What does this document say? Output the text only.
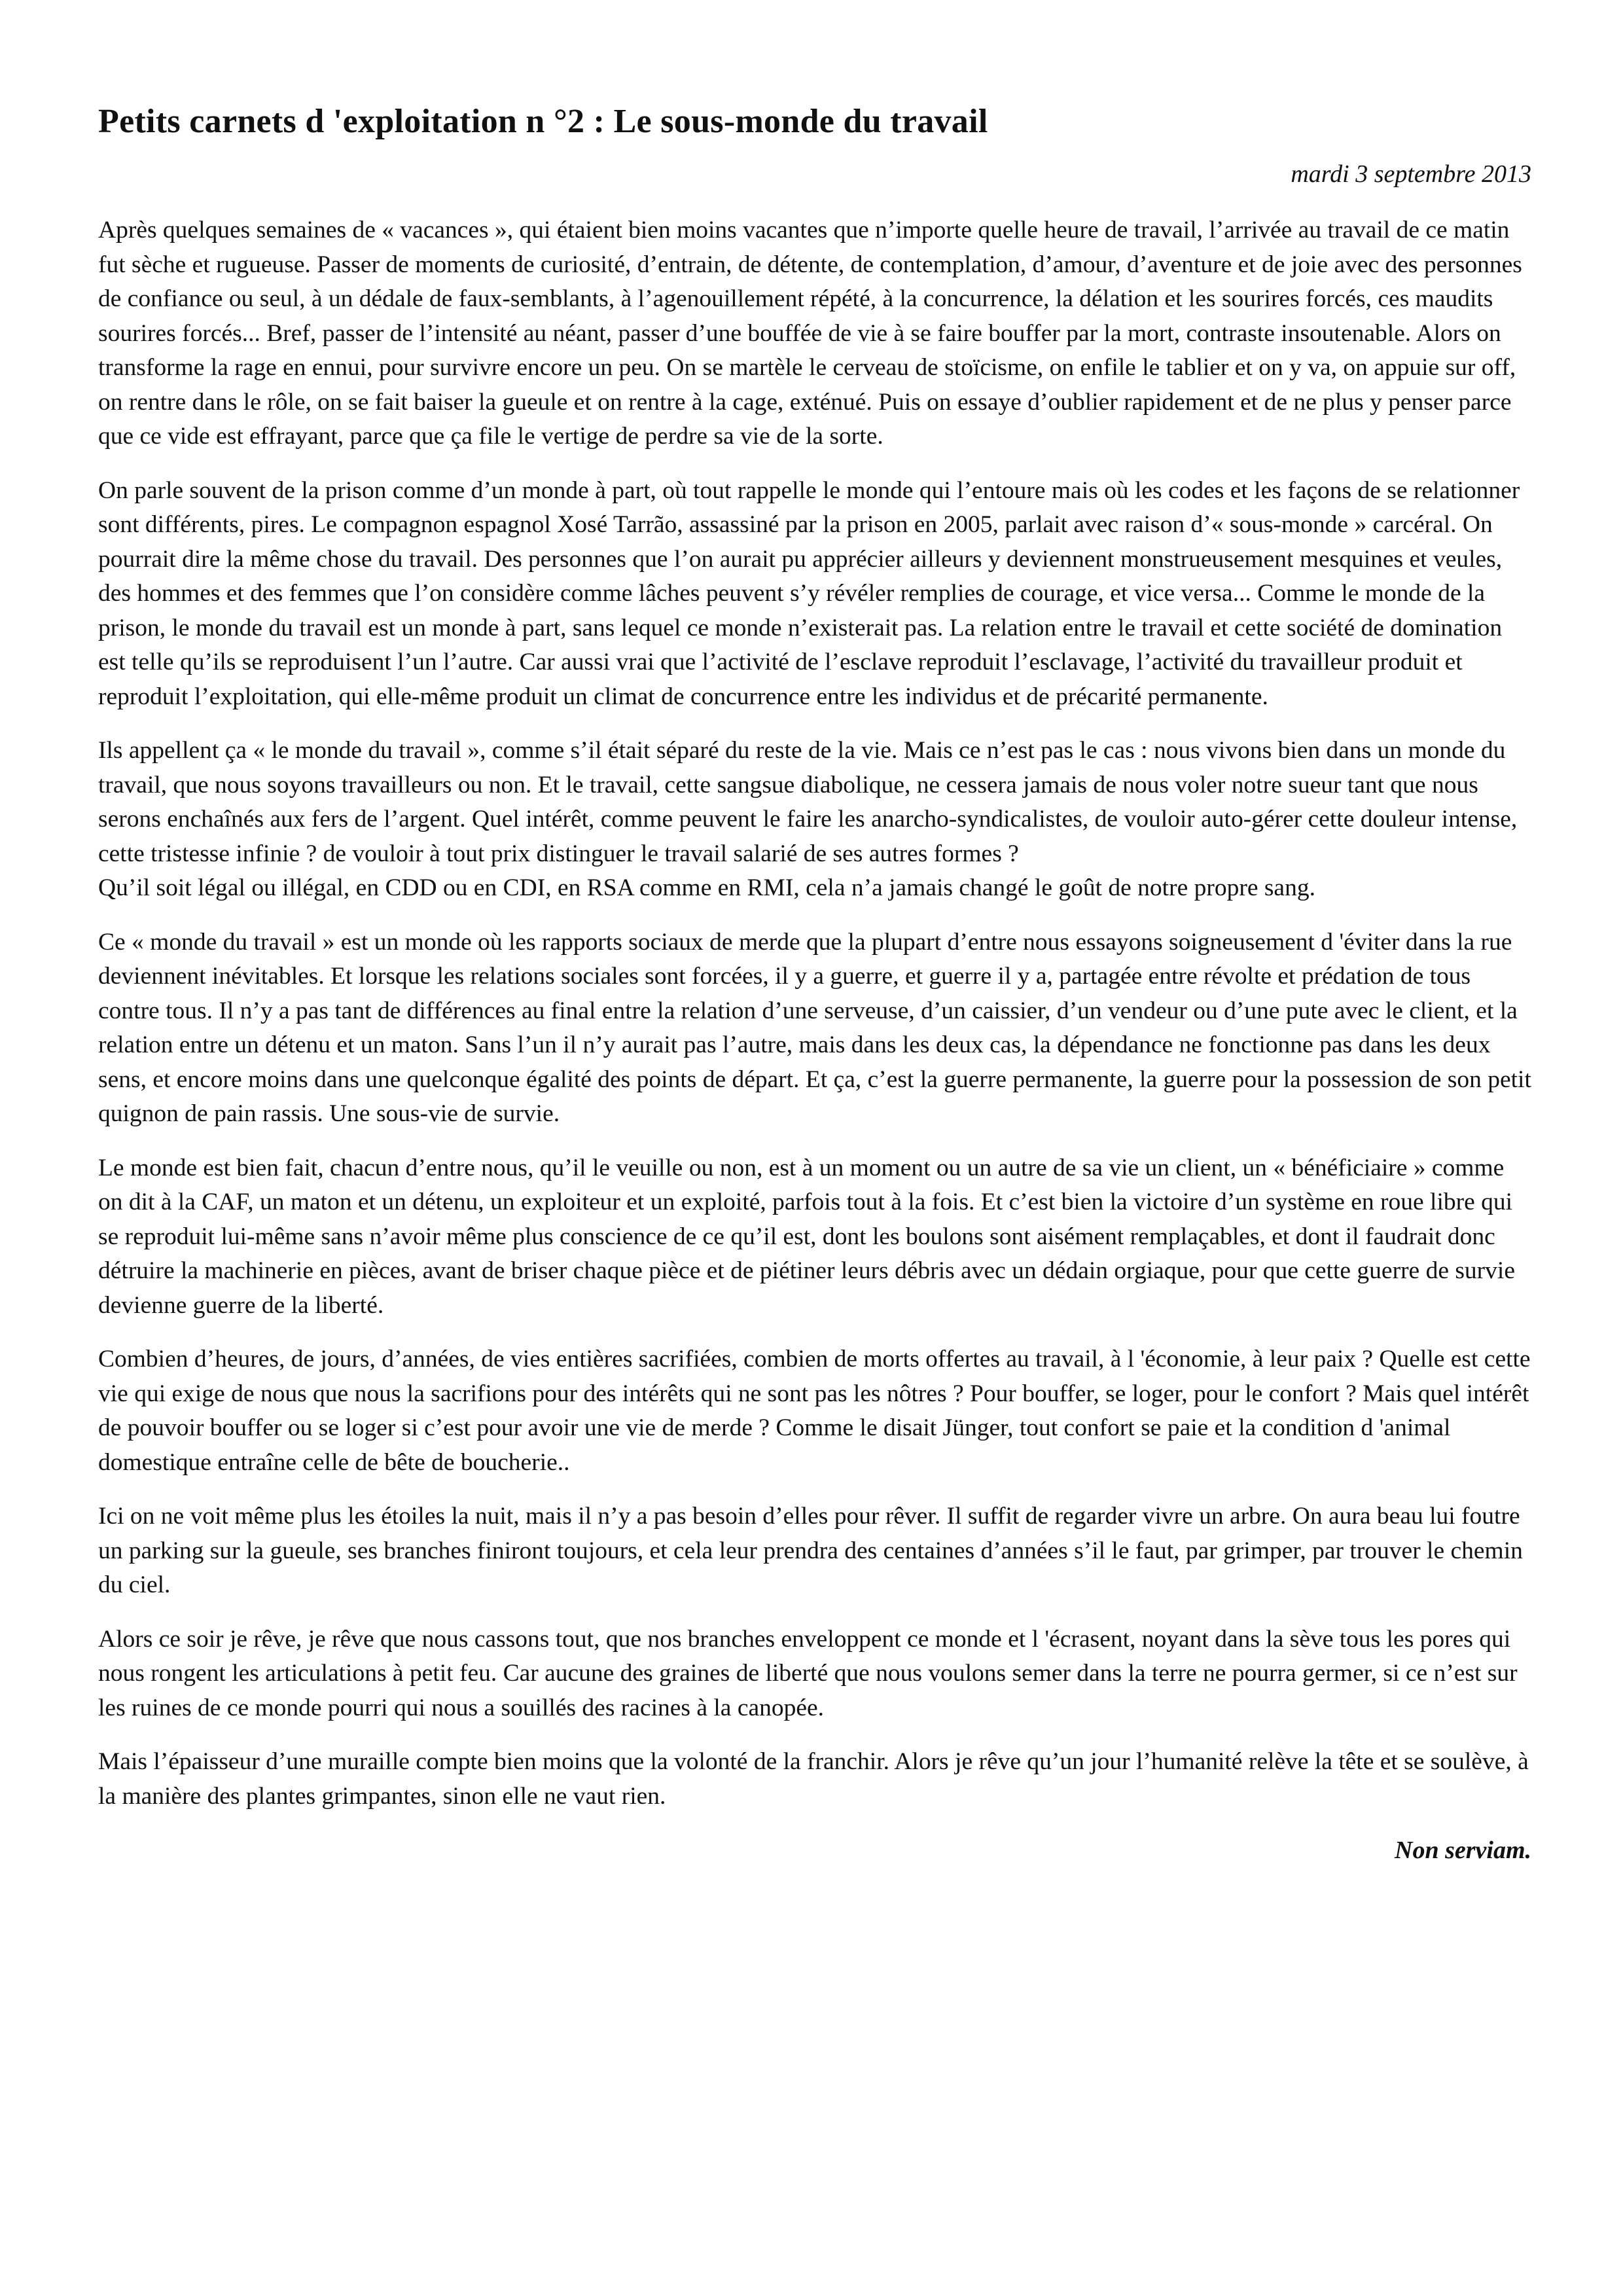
Petits carnets d 'exploitation n °2 : Le sous-monde du travail
mardi 3 septembre 2013

Après quelques semaines de « vacances », qui étaient bien moins vacantes que n’importe quelle heure de travail, l’arrivée au travail de ce matin fut sèche et rugueuse. Passer de moments de curiosité, d’entrain, de détente, de contemplation, d’amour, d’aventure et de joie avec des personnes de confiance ou seul, à un dédale de faux-semblants, à l’agenouillement répété, à la concurrence, la délation et les sourires forcés, ces maudits sourires forcés... Bref, passer de l’intensité au néant, passer d’une bouffée de vie à se faire bouffer par la mort, contraste insoutenable. Alors on transforme la rage en ennui, pour survivre encore un peu. On se martèle le cerveau de stoïcisme, on enfile le tablier et on y va, on appuie sur off, on rentre dans le rôle, on se fait baiser la gueule et on rentre à la cage, exténué. Puis on essaye d’oublier rapidement et de ne plus y penser parce que ce vide est effrayant, parce que ça file le vertige de perdre sa vie de la sorte.

On parle souvent de la prison comme d’un monde à part, où tout rappelle le monde qui l’entoure mais où les codes et les façons de se relationner sont différents, pires. Le compagnon espagnol Xosé Tarrão, assassiné par la prison en 2005, parlait avec raison d’« sous-monde » carcéral. On pourrait dire la même chose du travail. Des personnes que l’on aurait pu apprécier ailleurs y deviennent monstrueusement mesquines et veules, des hommes et des femmes que l’on considère comme lâches peuvent s’y révéler remplies de courage, et vice versa... Comme le monde de la prison, le monde du travail est un monde à part, sans lequel ce monde n’existerait pas. La relation entre le travail et cette société de domination est telle qu’ils se reproduisent l’un l’autre. Car aussi vrai que l’activité de l’esclave reproduit l’esclavage, l’activité du travailleur produit et reproduit l’exploitation, qui elle-même produit un climat de concurrence entre les individus et de précarité permanente.

Ils appellent ça « le monde du travail », comme s’il était séparé du reste de la vie. Mais ce n’est pas le cas : nous vivons bien dans un monde du travail, que nous soyons travailleurs ou non. Et le travail, cette sangsue diabolique, ne cessera jamais de nous voler notre sueur tant que nous serons enchaînés aux fers de l’argent. Quel intérêt, comme peuvent le faire les anarcho-syndicalistes, de vouloir auto-gérer cette douleur intense, cette tristesse infinie ? de vouloir à tout prix distinguer le travail salarié de ses autres formes ?
Qu’il soit légal ou illégal, en CDD ou en CDI, en RSA comme en RMI, cela n’a jamais changé le goût de notre propre sang.

Ce « monde du travail » est un monde où les rapports sociaux de merde que la plupart d’entre nous essayons soigneusement d 'éviter dans la rue deviennent inévitables. Et lorsque les relations sociales sont forcées, il y a guerre, et guerre il y a, partagée entre révolte et prédation de tous contre tous. Il n’y a pas tant de différences au final entre la relation d’une serveuse, d’un caissier, d’un vendeur ou d’une pute avec le client, et la relation entre un détenu et un maton. Sans l’un il n’y aurait pas l’autre, mais dans les deux cas, la dépendance ne fonctionne pas dans les deux sens, et encore moins dans une quelconque égalité des points de départ. Et ça, c’est la guerre permanente, la guerre pour la possession de son petit quignon de pain rassis. Une sous-vie de survie.

Le monde est bien fait, chacun d’entre nous, qu’il le veuille ou non, est à un moment ou un autre de sa vie un client, un « bénéficiaire » comme on dit à la CAF, un maton et un détenu, un exploiteur et un exploité, parfois tout à la fois. Et c’est bien la victoire d’un système en roue libre qui se reproduit lui-même sans n’avoir même plus conscience de ce qu’il est, dont les boulons sont aisément remplaçables, et dont il faudrait donc détruire la machinerie en pièces, avant de briser chaque pièce et de piétiner leurs débris avec un dédain orgiaque, pour que cette guerre de survie devienne guerre de la liberté.

Combien d’heures, de jours, d’années, de vies entières sacrifiées, combien de morts offertes au travail, à l 'économie, à leur paix ? Quelle est cette vie qui exige de nous que nous la sacrifions pour des intérêts qui ne sont pas les nôtres ? Pour bouffer, se loger, pour le confort ? Mais quel intérêt de pouvoir bouffer ou se loger si c’est pour avoir une vie de merde ? Comme le disait Jünger, tout confort se paie et la condition d 'animal domestique entraîne celle de bête de boucherie..

Ici on ne voit même plus les étoiles la nuit, mais il n’y a pas besoin d’elles pour rêver. Il suffit de regarder vivre un arbre. On aura beau lui foutre un parking sur la gueule, ses branches finiront toujours, et cela leur prendra des centaines d’années s’il le faut, par grimper, par trouver le chemin du ciel.

Alors ce soir je rêve, je rêve que nous cassons tout, que nos branches enveloppent ce monde et l 'écrasent, noyant dans la sève tous les pores qui nous rongent les articulations à petit feu. Car aucune des graines de liberté que nous voulons semer dans la terre ne pourra germer, si ce n’est sur les ruines de ce monde pourri qui nous a souillés des racines à la canopée.

Mais l’épaisseur d’une muraille compte bien moins que la volonté de la franchir. Alors je rêve qu’un jour l’humanité relève la tête et se soulève, à la manière des plantes grimpantes, sinon elle ne vaut rien.

Non serviam.
